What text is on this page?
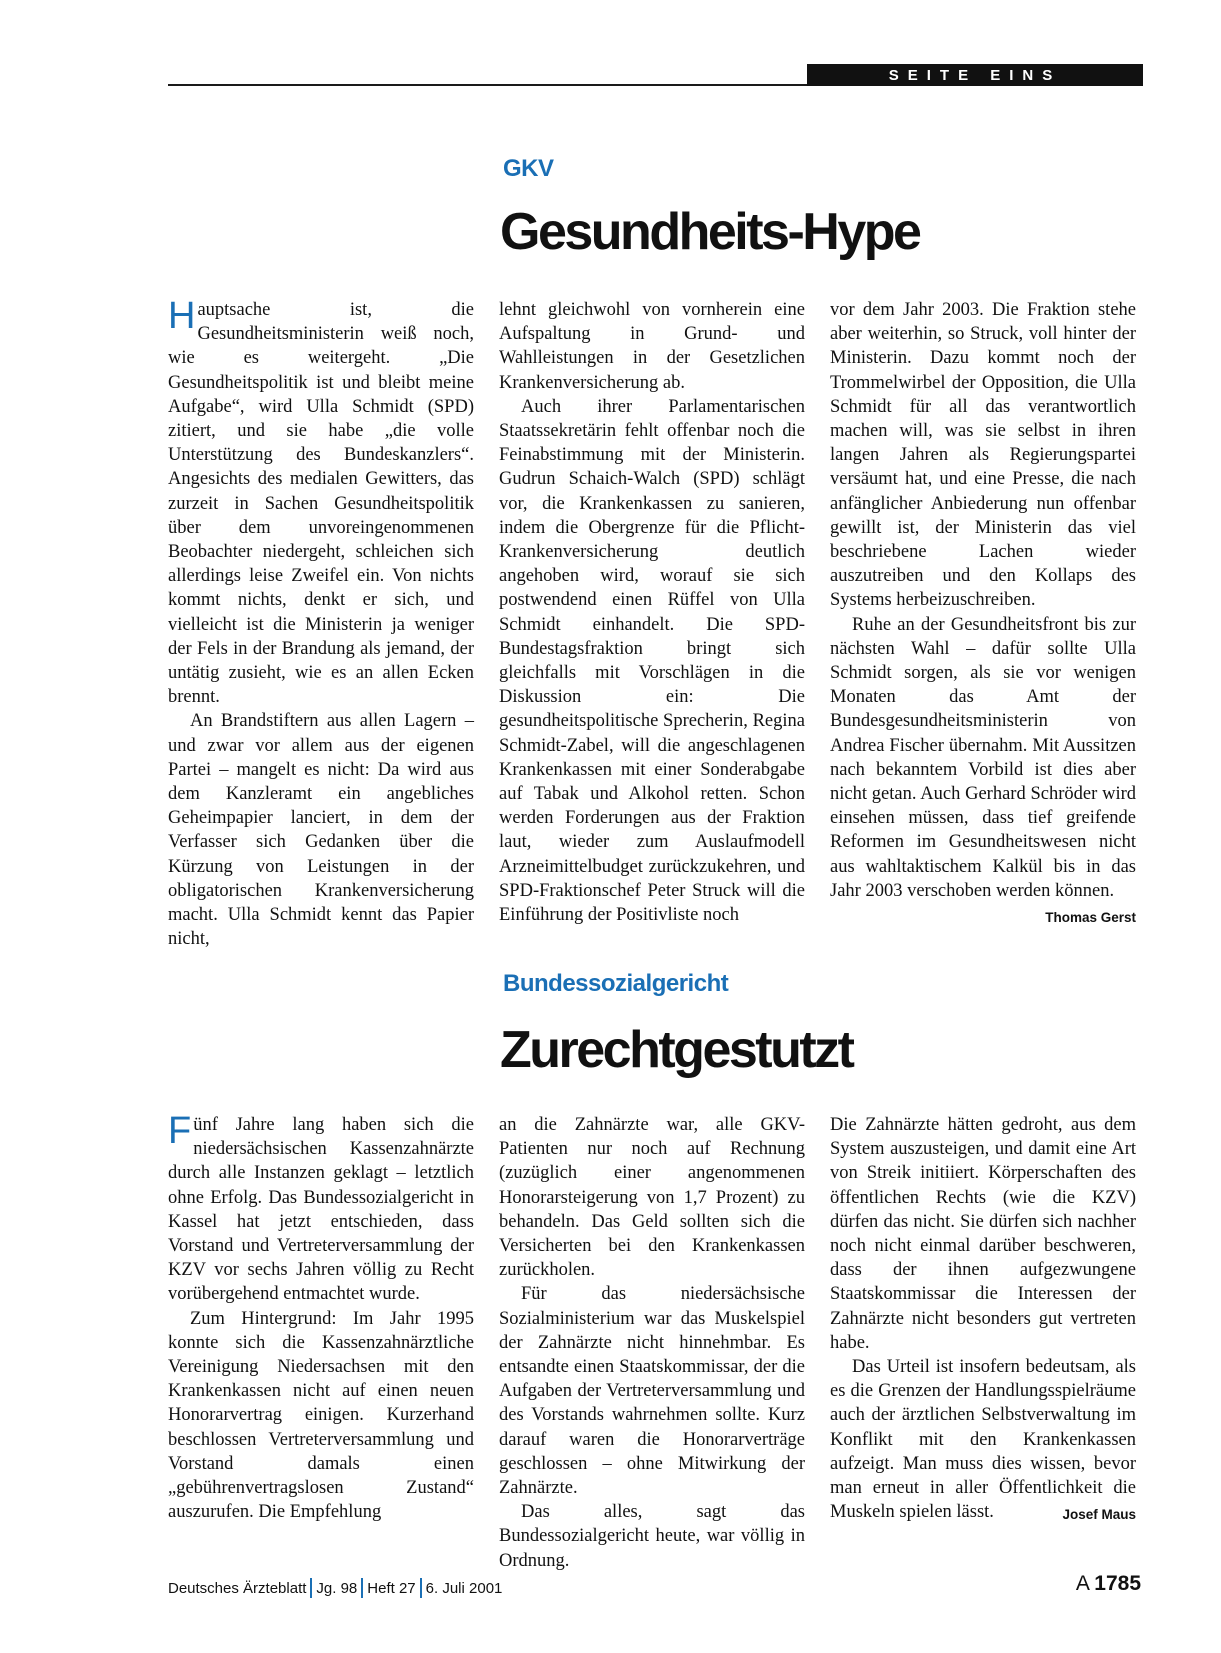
SEITE EINS
GKV
Gesundheits-Hype

Hauptsache ist, die Gesundheitsministerin weiß noch, wie es weitergeht. „Die Gesundheitspolitik ist und bleibt meine Aufgabe“, wird Ulla Schmidt (SPD) zitiert, und sie habe „die volle Unterstützung des Bundeskanzlers“. Angesichts des medialen Gewitters, das zurzeit in Sachen Gesundheitspolitik über dem unvoreingenommenen Beobachter niedergeht, schleichen sich allerdings leise Zweifel ein. Von nichts kommt nichts, denkt er sich, und vielleicht ist die Ministerin ja weniger der Fels in der Brandung als jemand, der untätig zusieht, wie es an allen Ecken brennt.

An Brandstiftern aus allen Lagern – und zwar vor allem aus der eigenen Partei – mangelt es nicht: Da wird aus dem Kanzleramt ein angebliches Geheimpapier lanciert, in dem der Verfasser sich Gedanken über die Kürzung von Leistungen in der obligatorischen Krankenversicherung macht. Ulla Schmidt kennt das Papier nicht,

lehnt gleichwohl von vornherein eine Aufspaltung in Grund- und Wahlleistungen in der Gesetzlichen Krankenversicherung ab.

Auch ihrer Parlamentarischen Staatssekretärin fehlt offenbar noch die Feinabstimmung mit der Ministerin. Gudrun Schaich-Walch (SPD) schlägt vor, die Krankenkassen zu sanieren, indem die Obergrenze für die Pflicht-Krankenversicherung deutlich angehoben wird, worauf sie sich postwendend einen Rüffel von Ulla Schmidt einhandelt. Die SPD-Bundestagsfraktion bringt sich gleichfalls mit Vorschlägen in die Diskussion ein: Die gesundheitspolitische Sprecherin, Regina Schmidt-Zabel, will die angeschlagenen Krankenkassen mit einer Sonderabgabe auf Tabak und Alkohol retten. Schon werden Forderungen aus der Fraktion laut, wieder zum Auslaufmodell Arzneimittelbudget zurückzukehren, und SPD-Fraktionschef Peter Struck will die Einführung der Positivliste noch

vor dem Jahr 2003. Die Fraktion stehe aber weiterhin, so Struck, voll hinter der Ministerin. Dazu kommt noch der Trommelwirbel der Opposition, die Ulla Schmidt für all das verantwortlich machen will, was sie selbst in ihren langen Jahren als Regierungspartei versäumt hat, und eine Presse, die nach anfänglicher Anbiederung nun offenbar gewillt ist, der Ministerin das viel beschriebene Lachen wieder auszutreiben und den Kollaps des Systems herbeizuschreiben.

Ruhe an der Gesundheitsfront bis zur nächsten Wahl – dafür sollte Ulla Schmidt sorgen, als sie vor wenigen Monaten das Amt der Bundesgesundheitsministerin von Andrea Fischer übernahm. Mit Aussitzen nach bekanntem Vorbild ist dies aber nicht getan. Auch Gerhard Schröder wird einsehen müssen, dass tief greifende Reformen im Gesundheitswesen nicht aus wahltaktischem Kalkül bis in das Jahr 2003 verschoben werden können.
Thomas Gerst

Bundessozialgericht
Zurechtgestutzt

Fünf Jahre lang haben sich die niedersächsischen Kassenzahnärzte durch alle Instanzen geklagt – letztlich ohne Erfolg. Das Bundessozialgericht in Kassel hat jetzt entschieden, dass Vorstand und Vertreterversammlung der KZV vor sechs Jahren völlig zu Recht vorübergehend entmachtet wurde.

Zum Hintergrund: Im Jahr 1995 konnte sich die Kassenzahnärztliche Vereinigung Niedersachsen mit den Krankenkassen nicht auf einen neuen Honorarvertrag einigen. Kurzerhand beschlossen Vertreterversammlung und Vorstand damals einen „gebührenvertragslosen Zustand“ auszurufen. Die Empfehlung

an die Zahnärzte war, alle GKV-Patienten nur noch auf Rechnung (zuzüglich einer angenommenen Honorarsteigerung von 1,7 Prozent) zu behandeln. Das Geld sollten sich die Versicherten bei den Krankenkassen zurückholen.

Für das niedersächsische Sozialministerium war das Muskelspiel der Zahnärzte nicht hinnehmbar. Es entsandte einen Staatskommissar, der die Aufgaben der Vertreterversammlung und des Vorstands wahrnehmen sollte. Kurz darauf waren die Honorarverträge geschlossen – ohne Mitwirkung der Zahnärzte.

Das alles, sagt das Bundessozialgericht heute, war völlig in Ordnung.

Die Zahnärzte hätten gedroht, aus dem System auszusteigen, und damit eine Art von Streik initiiert. Körperschaften des öffentlichen Rechts (wie die KZV) dürfen das nicht. Sie dürfen sich nachher noch nicht einmal darüber beschweren, dass der ihnen aufgezwungene Staatskommissar die Interessen der Zahnärzte nicht besonders gut vertreten habe.

Das Urteil ist insofern bedeutsam, als es die Grenzen der Handlungsspielräume auch der ärztlichen Selbstverwaltung im Konflikt mit den Krankenkassen aufzeigt. Man muss dies wissen, bevor man erneut in aller Öffentlichkeit die Muskeln spielen lässt.	Josef Maus

Deutsches Ärzteblatt Jg. 98 Heft 27 6. Juli 2001	A 1785
